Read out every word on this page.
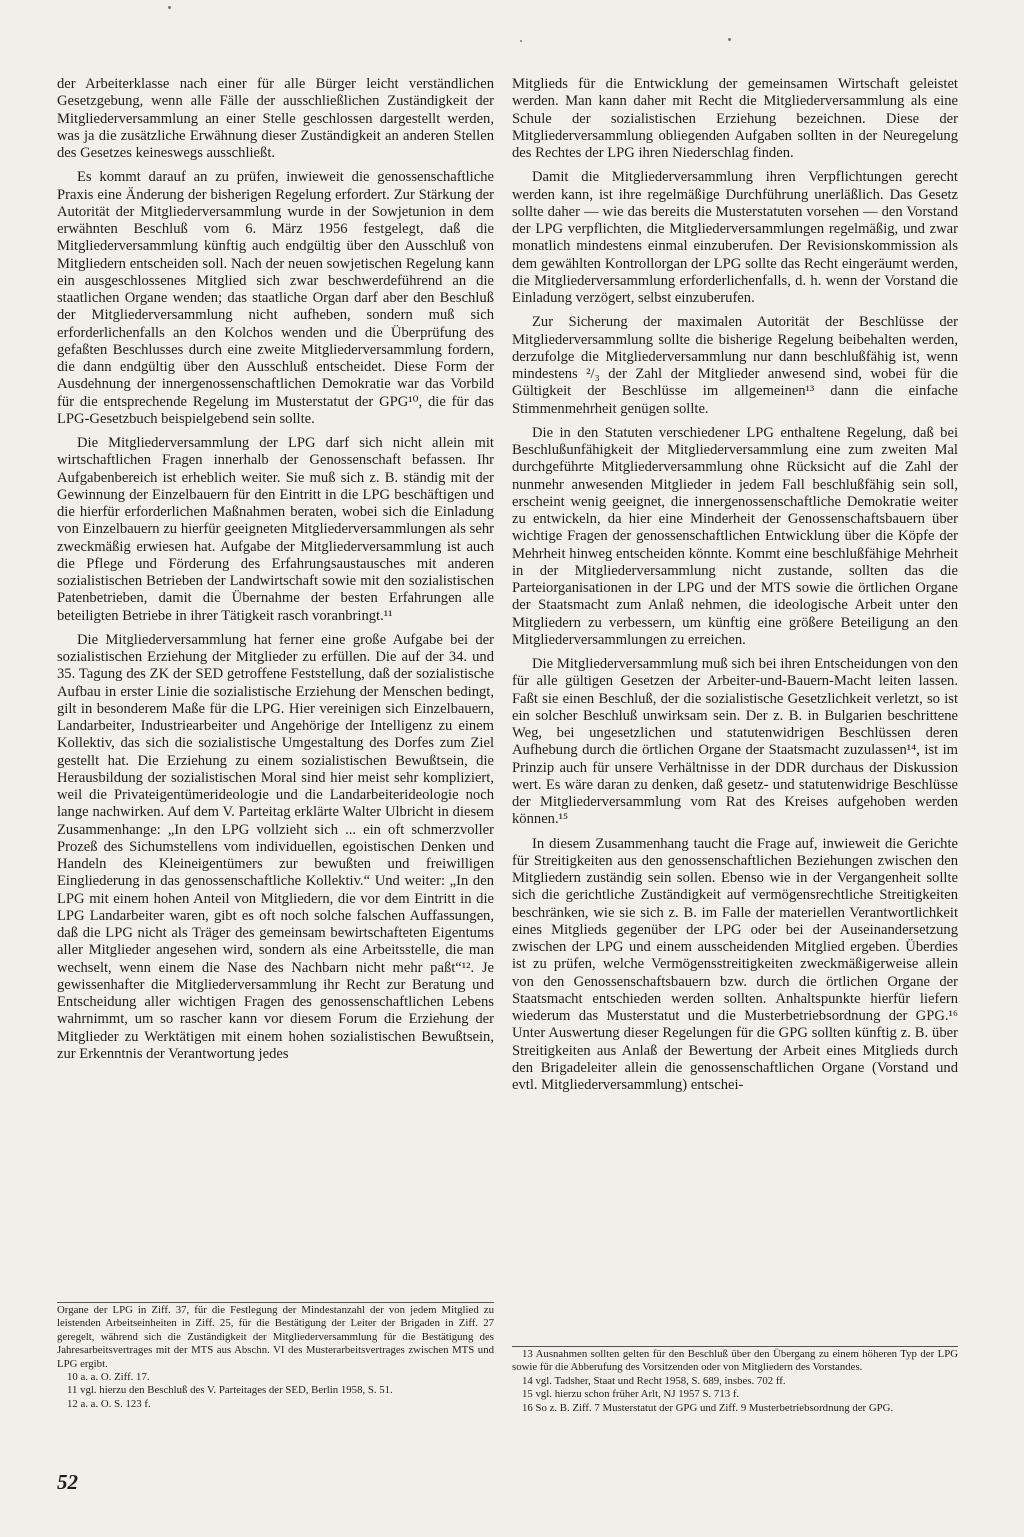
der Arbeiterklasse nach einer für alle Bürger leicht verständlichen Gesetzgebung, wenn alle Fälle der ausschließlichen Zuständigkeit der Mitgliederversammlung an einer Stelle geschlossen dargestellt werden, was ja die zusätzliche Erwähnung dieser Zuständigkeit an anderen Stellen des Gesetzes keineswegs ausschließt.

Es kommt darauf an zu prüfen, inwieweit die genossenschaftliche Praxis eine Änderung der bisherigen Regelung erfordert. Zur Stärkung der Autorität der Mitgliederversammlung wurde in der Sowjetunion in dem erwähnten Beschluß vom 6. März 1956 festgelegt, daß die Mitgliederversammlung künftig auch endgültig über den Ausschluß von Mitgliedern entscheiden soll. Nach der neuen sowjetischen Regelung kann ein ausgeschlossenes Mitglied sich zwar beschwerdeführend an die staatlichen Organe wenden; das staatliche Organ darf aber den Beschluß der Mitgliederversammlung nicht aufheben, sondern muß sich erforderlichenfalls an den Kolchos wenden und die Überprüfung des gefaßten Beschlusses durch eine zweite Mitgliederversammlung fordern, die dann endgültig über den Ausschluß entscheidet. Diese Form der Ausdehnung der innergenossenschaftlichen Demokratie war das Vorbild für die entsprechende Regelung im Musterstatut der GPG¹⁰, die für das LPG-Gesetzbuch beispielgebend sein sollte.

Die Mitgliederversammlung der LPG darf sich nicht allein mit wirtschaftlichen Fragen innerhalb der Genossenschaft befassen. Ihr Aufgabenbereich ist erheblich weiter. Sie muß sich z. B. ständig mit der Gewinnung der Einzelbauern für den Eintritt in die LPG beschäftigen und die hierfür erforderlichen Maßnahmen beraten, wobei sich die Einladung von Einzelbauern zu hierfür geeigneten Mitgliederversammlungen als sehr zweckmäßig erwiesen hat. Aufgabe der Mitgliederversammlung ist auch die Pflege und Förderung des Erfahrungsaustausches mit anderen sozialistischen Betrieben der Landwirtschaft sowie mit den sozialistischen Patenbetrieben, damit die Übernahme der besten Erfahrungen alle beteiligten Betriebe in ihrer Tätigkeit rasch voranbringt.¹¹

Die Mitgliederversammlung hat ferner eine große Aufgabe bei der sozialistischen Erziehung der Mitglieder zu erfüllen. Die auf der 34. und 35. Tagung des ZK der SED getroffene Feststellung, daß der sozialistische Aufbau in erster Linie die sozialistische Erziehung der Menschen bedingt, gilt in besonderem Maße für die LPG. Hier vereinigen sich Einzelbauern, Landarbeiter, Industriearbeiter und Angehörige der Intelligenz zu einem Kollektiv, das sich die sozialistische Umgestaltung des Dorfes zum Ziel gestellt hat. Die Erziehung zu einem sozialistischen Bewußtsein, die Herausbildung der sozialistischen Moral sind hier meist sehr kompliziert, weil die Privateigentümerideologie und die Landarbeiterideologie noch lange nachwirken. Auf dem V. Parteitag erklärte Walter Ulbricht in diesem Zusammenhange: „In den LPG vollzieht sich ... ein oft schmerzvoller Prozeß des Sichumstellens vom individuellen, egoistischen Denken und Handeln des Kleineigentümers zur bewußten und freiwilligen Eingliederung in das genossenschaftliche Kollektiv.“ Und weiter: „In den LPG mit einem hohen Anteil von Mitgliedern, die vor dem Eintritt in die LPG Landarbeiter waren, gibt es oft noch solche falschen Auffassungen, daß die LPG nicht als Träger des gemeinsam bewirtschafteten Eigentums aller Mitglieder angesehen wird, sondern als eine Arbeitsstelle, die man wechselt, wenn einem die Nase des Nachbarn nicht mehr paßt“¹². Je gewissenhafter die Mitgliederversammlung ihr Recht zur Beratung und Entscheidung aller wichtigen Fragen des genossenschaftlichen Lebens wahrnimmt, um so rascher kann vor diesem Forum die Erziehung der Mitglieder zu Werktätigen mit einem hohen sozialistischen Bewußtsein, zur Erkenntnis der Verantwortung jedes

Mitglieds für die Entwicklung der gemeinsamen Wirtschaft geleistet werden. Man kann daher mit Recht die Mitgliederversammlung als eine Schule der sozialistischen Erziehung bezeichnen. Diese der Mitgliederversammlung obliegenden Aufgaben sollten in der Neuregelung des Rechtes der LPG ihren Niederschlag finden.

Damit die Mitgliederversammlung ihren Verpflichtungen gerecht werden kann, ist ihre regelmäßige Durchführung unerläßlich. Das Gesetz sollte daher — wie das bereits die Musterstatuten vorsehen — den Vorstand der LPG verpflichten, die Mitgliederversammlungen regelmäßig, und zwar monatlich mindestens einmal einzuberufen. Der Revisionskommission als dem gewählten Kontrollorgan der LPG sollte das Recht eingeräumt werden, die Mitgliederversammlung erforderlichenfalls, d. h. wenn der Vorstand die Einladung verzögert, selbst einzuberufen.

Zur Sicherung der maximalen Autorität der Beschlüsse der Mitgliederversammlung sollte die bisherige Regelung beibehalten werden, derzufolge die Mitgliederversammlung nur dann beschlußfähig ist, wenn mindestens ²/₃ der Zahl der Mitglieder anwesend sind, wobei für die Gültigkeit der Beschlüsse im allgemeinen¹³ dann die einfache Stimmenmehrheit genügen sollte.

Die in den Statuten verschiedener LPG enthaltene Regelung, daß bei Beschlußunfähigkeit der Mitgliederversammlung eine zum zweiten Mal durchgeführte Mitgliederversammlung ohne Rücksicht auf die Zahl der nunmehr anwesenden Mitglieder in jedem Fall beschlußfähig sein soll, erscheint wenig geeignet, die innergenossenschaftliche Demokratie weiter zu entwickeln, da hier eine Minderheit der Genossenschaftsbauern über wichtige Fragen der genossenschaftlichen Entwicklung über die Köpfe der Mehrheit hinweg entscheiden könnte. Kommt eine beschlußfähige Mehrheit in der Mitgliederversammlung nicht zustande, sollten das die Parteiorganisationen in der LPG und der MTS sowie die örtlichen Organe der Staatsmacht zum Anlaß nehmen, die ideologische Arbeit unter den Mitgliedern zu verbessern, um künftig eine größere Beteiligung an den Mitgliederversammlungen zu erreichen.

Die Mitgliederversammlung muß sich bei ihren Entscheidungen von den für alle gültigen Gesetzen der Arbeiter-und-Bauern-Macht leiten lassen. Faßt sie einen Beschluß, der die sozialistische Gesetzlichkeit verletzt, so ist ein solcher Beschluß unwirksam sein. Der z. B. in Bulgarien beschrittene Weg, bei ungesetzlichen und statutenwidrigen Beschlüssen deren Aufhebung durch die örtlichen Organe der Staatsmacht zuzulassen¹⁴, ist im Prinzip auch für unsere Verhältnisse in der DDR durchaus der Diskussion wert. Es wäre daran zu denken, daß gesetz- und statutenwidrige Beschlüsse der Mitgliederversammlung vom Rat des Kreises aufgehoben werden können.¹⁵

In diesem Zusammenhang taucht die Frage auf, inwieweit die Gerichte für Streitigkeiten aus den genossenschaftlichen Beziehungen zwischen den Mitgliedern zuständig sein sollen. Ebenso wie in der Vergangenheit sollte sich die gerichtliche Zuständigkeit auf vermögensrechtliche Streitigkeiten beschränken, wie sie sich z. B. im Falle der materiellen Verantwortlichkeit eines Mitglieds gegenüber der LPG oder bei der Auseinandersetzung zwischen der LPG und einem ausscheidenden Mitglied ergeben. Überdies ist zu prüfen, welche Vermögensstreitigkeiten zweckmäßigerweise allein von den Genossenschaftsbauern bzw. durch die örtlichen Organe der Staatsmacht entschieden werden sollten. Anhaltspunkte hierfür liefern wiederum das Musterstatut und die Musterbetriebsordnung der GPG.¹⁶ Unter Auswertung dieser Regelungen für die GPG sollten künftig z. B. über Streitigkeiten aus Anlaß der Bewertung der Arbeit eines Mitglieds durch den Brigadeleiter allein die genossenschaftlichen Organe (Vorstand und evtl. Mitgliederversammlung) entschei-

Organe der LPG in Ziff. 37, für die Festlegung der Mindestanzahl der von jedem Mitglied zu leistenden Arbeitseinheiten in Ziff. 25, für die Bestätigung der Leiter der Brigaden in Ziff. 27 geregelt, während sich die Zuständigkeit der Mitgliederversammlung für die Bestätigung des Jahresarbeitsvertrages mit der MTS aus Abschn. VI des Musterarbeitsvertrages zwischen MTS und LPG ergibt.

10 a. a. O. Ziff. 17.

11 vgl. hierzu den Beschluß des V. Parteitages der SED, Berlin 1958, S. 51.

12 a. a. O. S. 123 f.

13 Ausnahmen sollten gelten für den Beschluß über den Übergang zu einem höheren Typ der LPG sowie für die Abberufung des Vorsitzenden oder von Mitgliedern des Vorstandes.

14 vgl. Tadsher, Staat und Recht 1958, S. 689, insbes. 702 ff.

15 vgl. hierzu schon früher Arlt, NJ 1957 S. 713 f.

16 So z. B. Ziff. 7 Musterstatut der GPG und Ziff. 9 Musterbetriebsordnung der GPG.

52
